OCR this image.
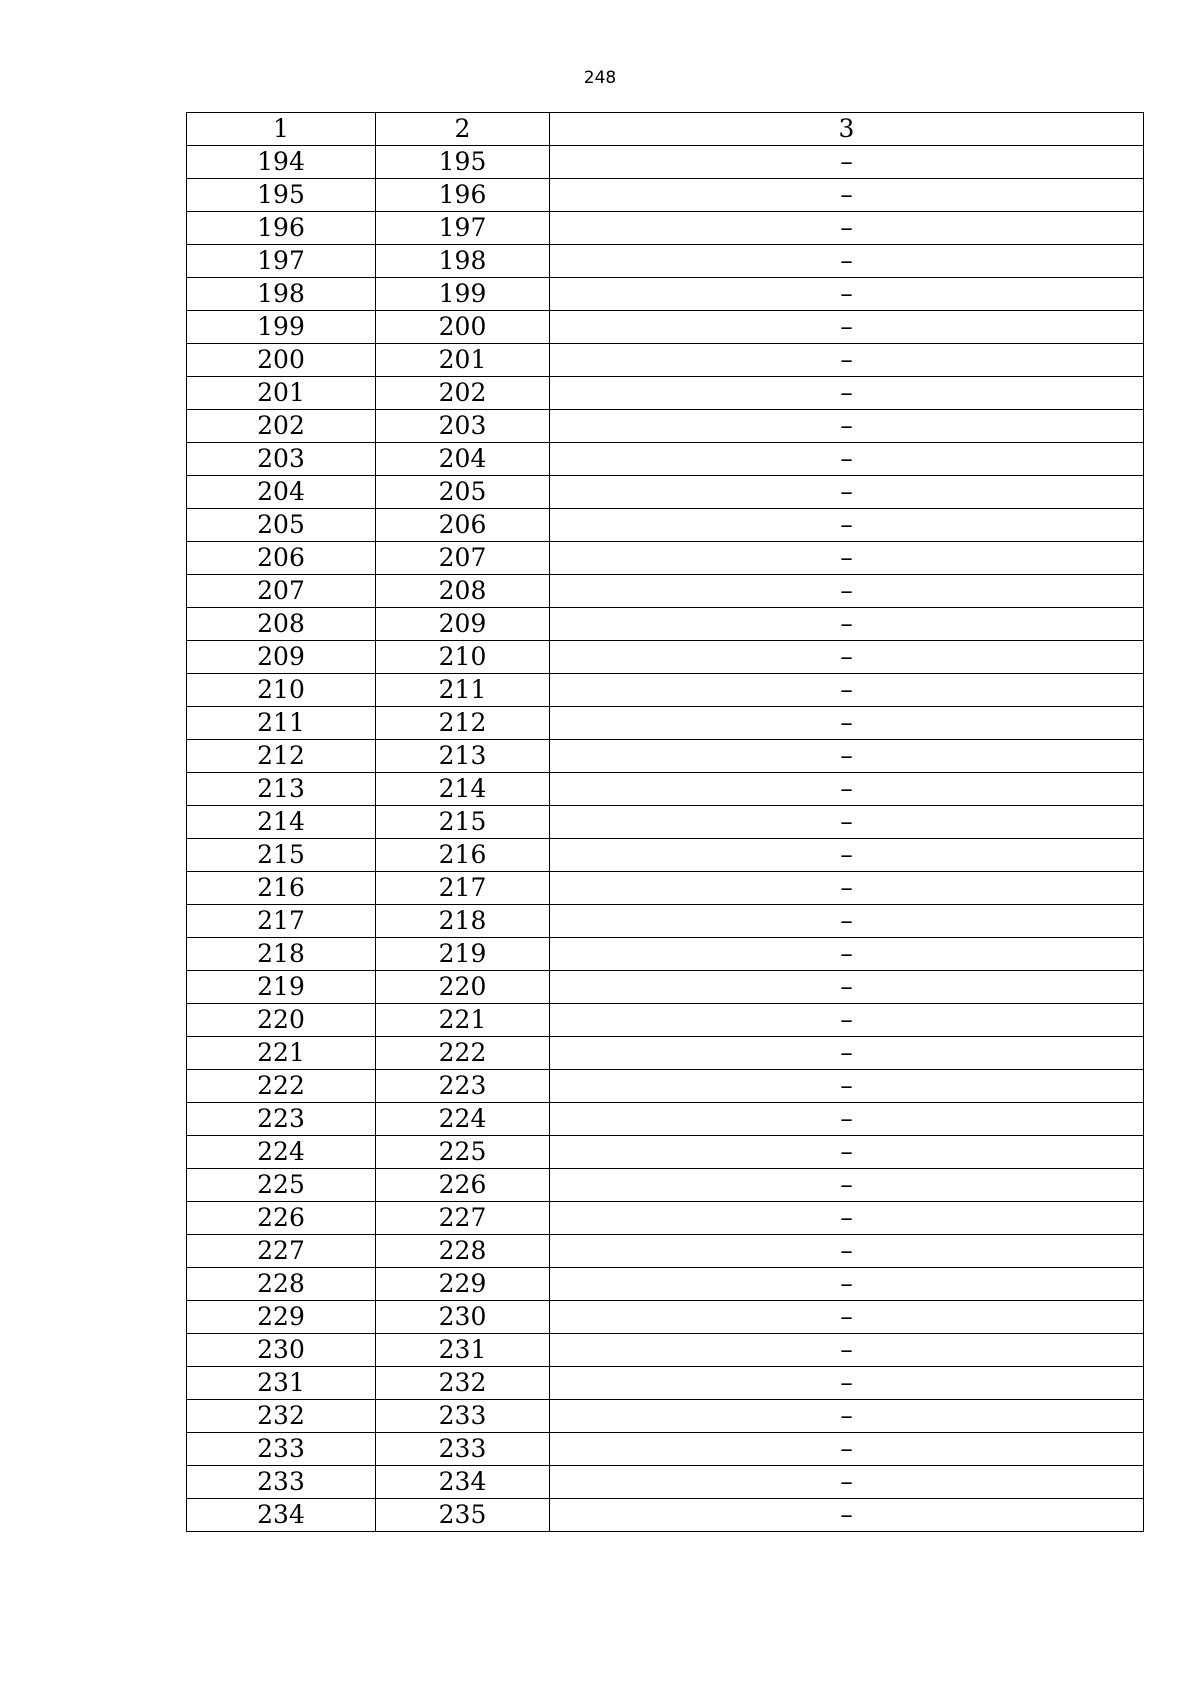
248
1	2	3
194	195	–
195	196	–
196	197	–
197	198	–
198	199	–
199	200	–
200	201	–
201	202	–
202	203	–
203	204	–
204	205	–
205	206	–
206	207	–
207	208	–
208	209	–
209	210	–
210	211	–
211	212	–
212	213	–
213	214	–
214	215	–
215	216	–
216	217	–
217	218	–
218	219	–
219	220	–
220	221	–
221	222	–
222	223	–
223	224	–
224	225	–
225	226	–
226	227	–
227	228	–
228	229	–
229	230	–
230	231	–
231	232	–
232	233	–
233	233	–
233	234	–
234	235	–
